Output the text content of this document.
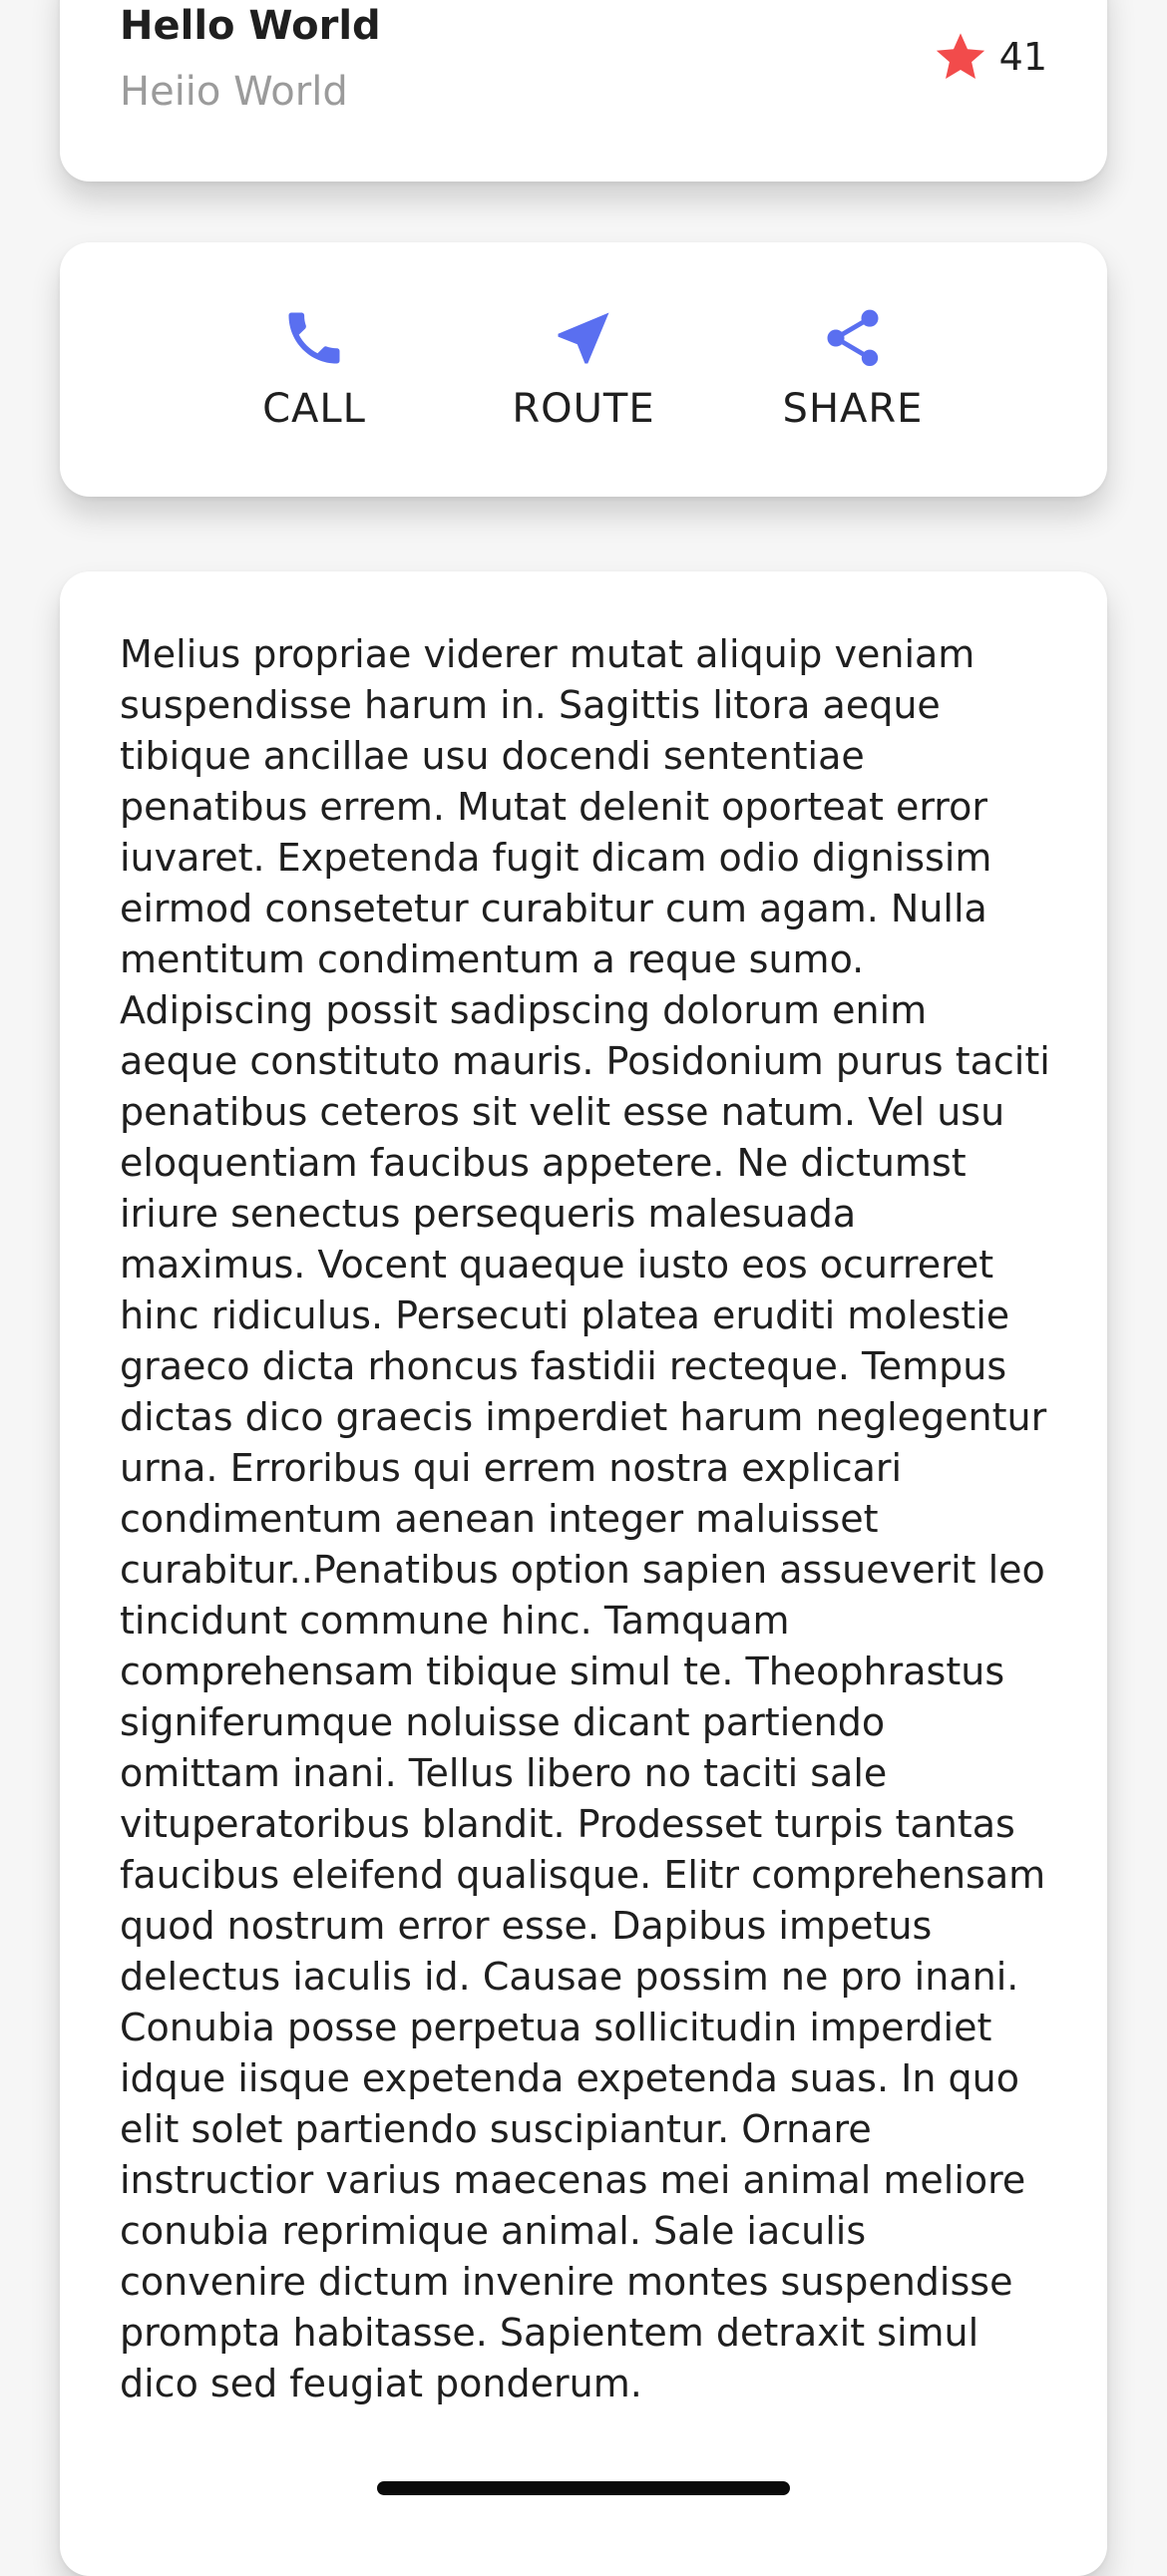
Hello World
Heiio World
41
CALL	ROUTE	SHARE

Melius propriae viderer mutat aliquip veniam suspendisse harum in. Sagittis litora aeque tibique ancillae usu docendi sententiae penatibus errem. Mutat delenit oporteat error iuvaret. Expetenda fugit dicam odio dignissim eirmod consetetur curabitur cum agam. Nulla mentitum condimentum a reque sumo. Adipiscing possit sadipscing dolorum enim aeque constituto mauris. Posidonium purus taciti penatibus ceteros sit velit esse natum. Vel usu eloquentiam faucibus appetere. Ne dictumst iriure senectus persequeris malesuada maximus. Vocent quaeque iusto eos ocurreret hinc ridiculus. Persecuti platea eruditi molestie graeco dicta rhoncus fastidii recteque. Tempus dictas dico graecis imperdiet harum neglegentur urna. Erroribus qui errem nostra explicari condimentum aenean integer maluisset curabitur..Penatibus option sapien assueverit leo tincidunt commune hinc. Tamquam comprehensam tibique simul te. Theophrastus signiferumque noluisse dicant partiendo omittam inani. Tellus libero no taciti sale vituperatoribus blandit. Prodesset turpis tantas faucibus eleifend qualisque. Elitr comprehensam quod nostrum error esse. Dapibus impetus delectus iaculis id. Causae possim ne pro inani. Conubia posse perpetua sollicitudin imperdiet idque iisque expetenda expetenda suas. In quo elit solet partiendo suscipiantur. Ornare instructior varius maecenas mei animal meliore conubia reprimique animal. Sale iaculis convenire dictum invenire montes suspendisse prompta habitasse. Sapientem detraxit simul dico sed feugiat ponderum.
